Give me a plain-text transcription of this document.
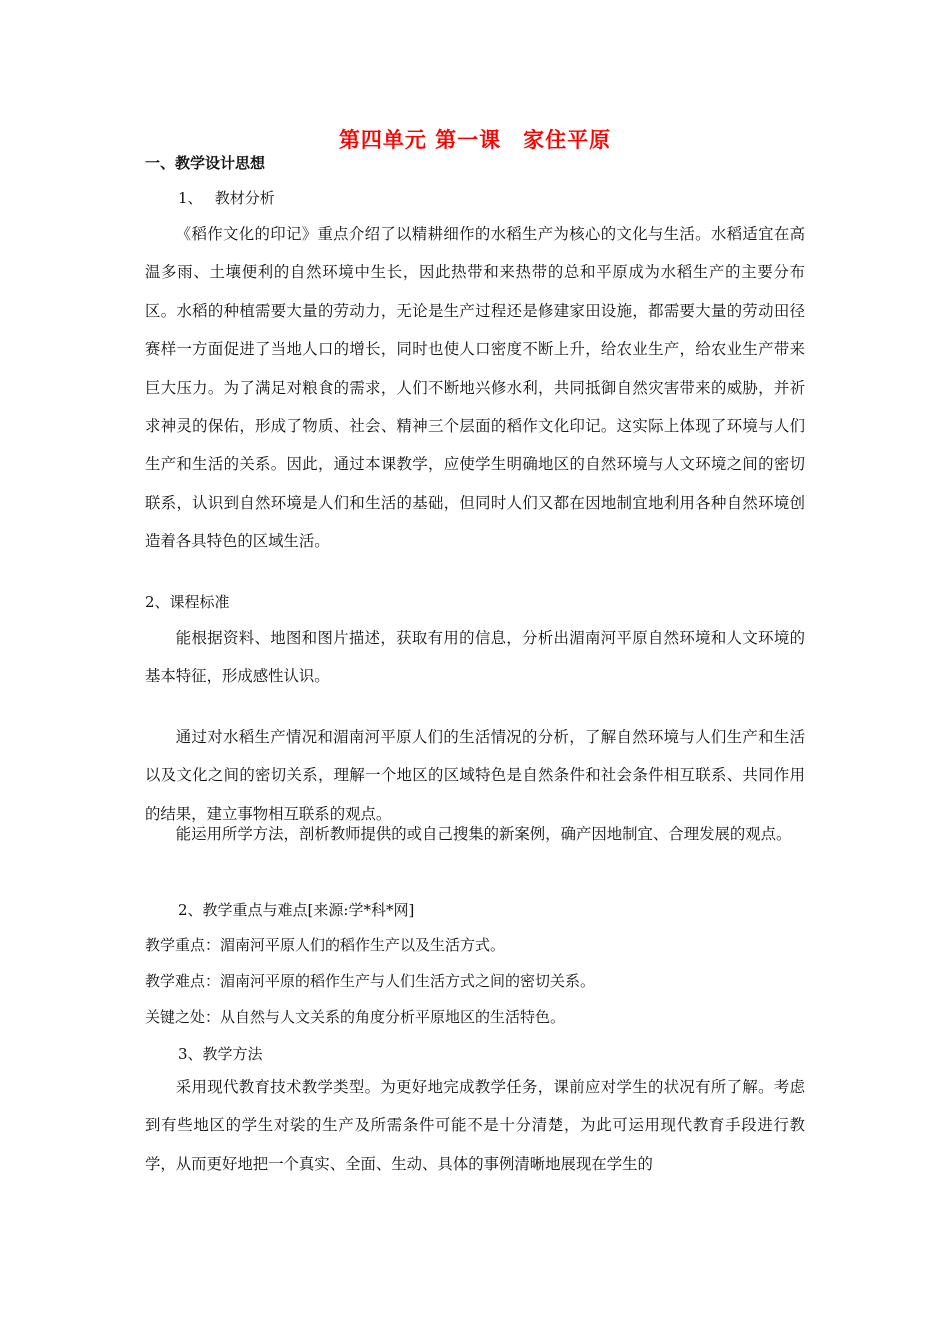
第四单元 第一课　家住平原
一、教学设计思想
1、　 教材分析

《稻作文化的印记》重点介绍了以精耕细作的水稻生产为核心的文化与生活。水稻适宜在高温多雨、土壤便利的自然环境中生长，因此热带和来热带的总和平原成为水稻生产的主要分布区。水稻的种植需要大量的劳动力，无论是生产过程还是修建家田设施，都需要大量的劳动田径赛样一方面促进了当地人口的增长，同时也使人口密度不断上升，给农业生产，给农业生产带来巨大压力。为了满足对粮食的需求，人们不断地兴修水利，共同抵御自然灾害带来的威胁，并祈求神灵的保佑，形成了物质、社会、精神三个层面的稻作文化印记。这实际上体现了环境与人们生产和生活的关系。因此，通过本课教学，应使学生明确地区的自然环境与人文环境之间的密切联系，认识到自然环境是人们和生活的基础，但同时人们又都在因地制宜地利用各种自然环境创造着各具特色的区域生活。

2、课程标准

能根据资料、地图和图片描述，获取有用的信息，分析出湄南河平原自然环境和人文环境的基本特征，形成感性认识。

通过对水稻生产情况和湄南河平原人们的生活情况的分析，了解自然环境与人们生产和生活以及文化之间的密切关系，理解一个地区的区域特色是自然条件和社会条件相互联系、共同作用的结果，建立事物相互联系的观点。

能运用所学方法，剖析教师提供的或自己搜集的新案例，确产因地制宜、合理发展的观点。

2、教学重点与难点[来源:学*科*网]
教学重点：湄南河平原人们的稻作生产以及生活方式。
教学难点：湄南河平原的稻作生产与人们生活方式之间的密切关系。
关键之处：从自然与人文关系的角度分析平原地区的生活特色。
3、教学方法

采用现代教育技术教学类型。为更好地完成教学任务，课前应对学生的状况有所了解。考虑到有些地区的学生对裟的生产及所需条件可能不是十分清楚，为此可运用现代教育手段进行教学，从而更好地把一个真实、全面、生动、具体的事例清晰地展现在学生的
